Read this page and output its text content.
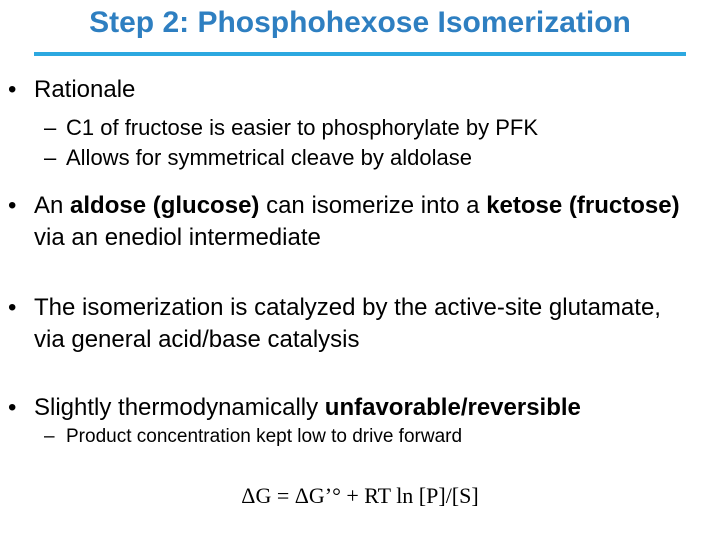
Step 2: Phosphohexose Isomerization
• Rationale
– C1 of fructose is easier to phosphorylate by PFK
– Allows for symmetrical cleave by aldolase
• An aldose (glucose) can isomerize into a ketose (fructose) via an enediol intermediate
• The isomerization is catalyzed by the active-site glutamate, via general acid/base catalysis
• Slightly thermodynamically unfavorable/reversible
– Product concentration kept low to drive forward
ΔG = ΔG’° + RT ln [P]/[S]
